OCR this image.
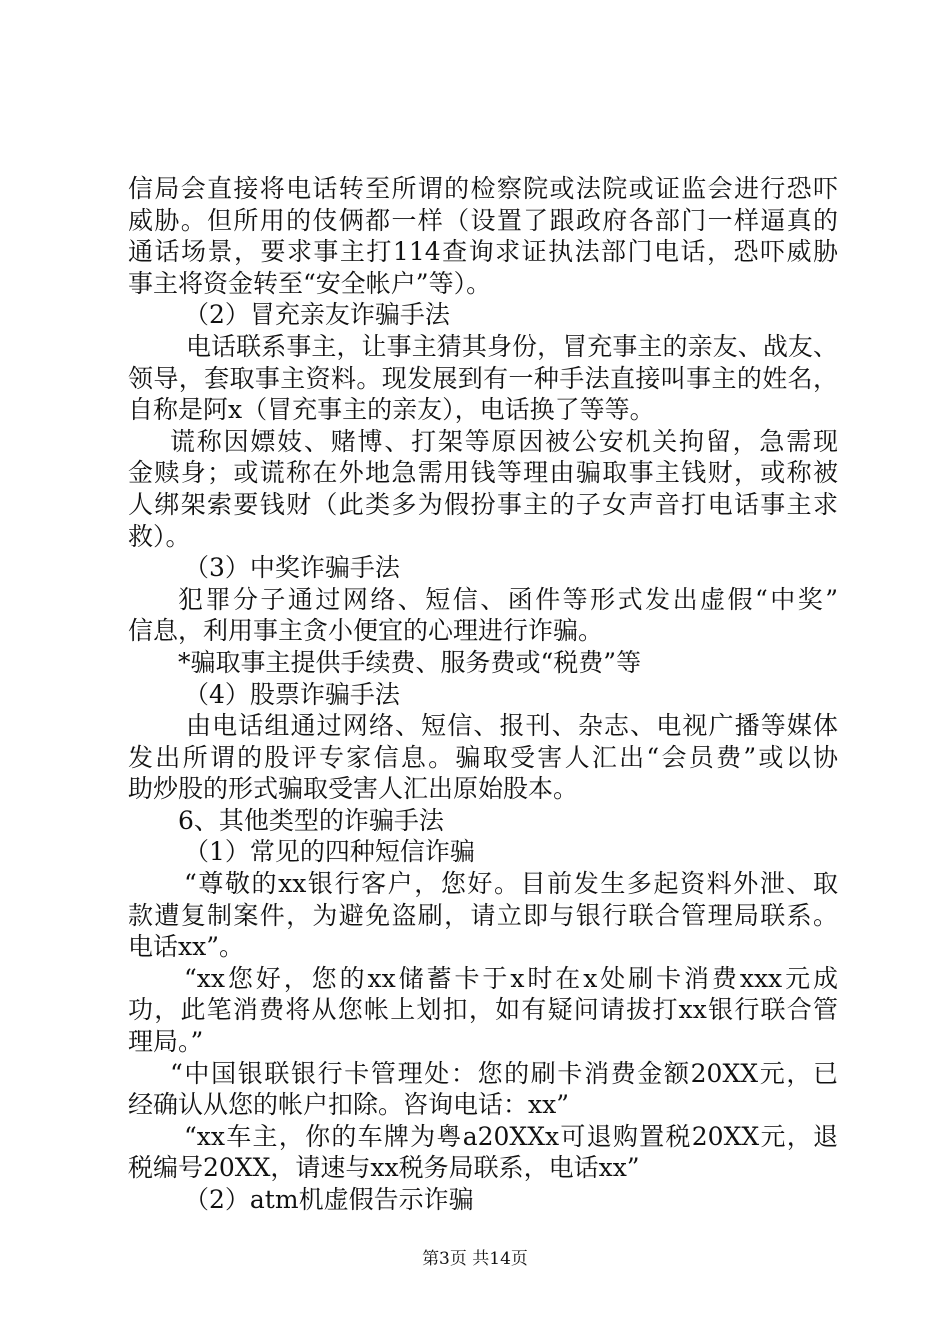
信局会直接将电话转至所谓的检察院或法院或证监会进行恐吓
威胁。但所用的伎俩都一样（设置了跟政府各部门一样逼真的
通话场景，要求事主打114查询求证执法部门电话，恐吓威胁
事主将资金转至“安全帐户”等）。
（2）冒充亲友诈骗手法
电话联系事主，让事主猜其身份，冒充事主的亲友、战友、
领导，套取事主资料。现发展到有一种手法直接叫事主的姓名，
自称是阿x（冒充事主的亲友），电话换了等等。
谎称因嫖妓、赌博、打架等原因被公安机关拘留，急需现
金赎身；或谎称在外地急需用钱等理由骗取事主钱财，或称被
人绑架索要钱财（此类多为假扮事主的子女声音打电话事主求
救）。
（3）中奖诈骗手法
犯罪分子通过网络、短信、函件等形式发出虚假“中奖”
信息，利用事主贪小便宜的心理进行诈骗。
*骗取事主提供手续费、服务费或“税费”等
（4）股票诈骗手法
由电话组通过网络、短信、报刊、杂志、电视广播等媒体
发出所谓的股评专家信息。骗取受害人汇出“会员费”或以协
助炒股的形式骗取受害人汇出原始股本。
6、其他类型的诈骗手法
（1）常见的四种短信诈骗
“尊敬的xx银行客户，您好。目前发生多起资料外泄、取
款遭复制案件，为避免盗刷，请立即与银行联合管理局联系。
电话xx”。
“xx您好，您的xx储蓄卡于x时在x处刷卡消费xxx元成
功，此笔消费将从您帐上划扣，如有疑问请拔打xx银行联合管
理局。”
“中国银联银行卡管理处：您的刷卡消费金额20XX元，已
经确认从您的帐户扣除。咨询电话：xx”
“xx车主，你的车牌为粤a20XXx可退购置税20XX元，退
税编号20XX，请速与xx税务局联系，电话xx”
（2）atm机虚假告示诈骗
第3页 共14页
